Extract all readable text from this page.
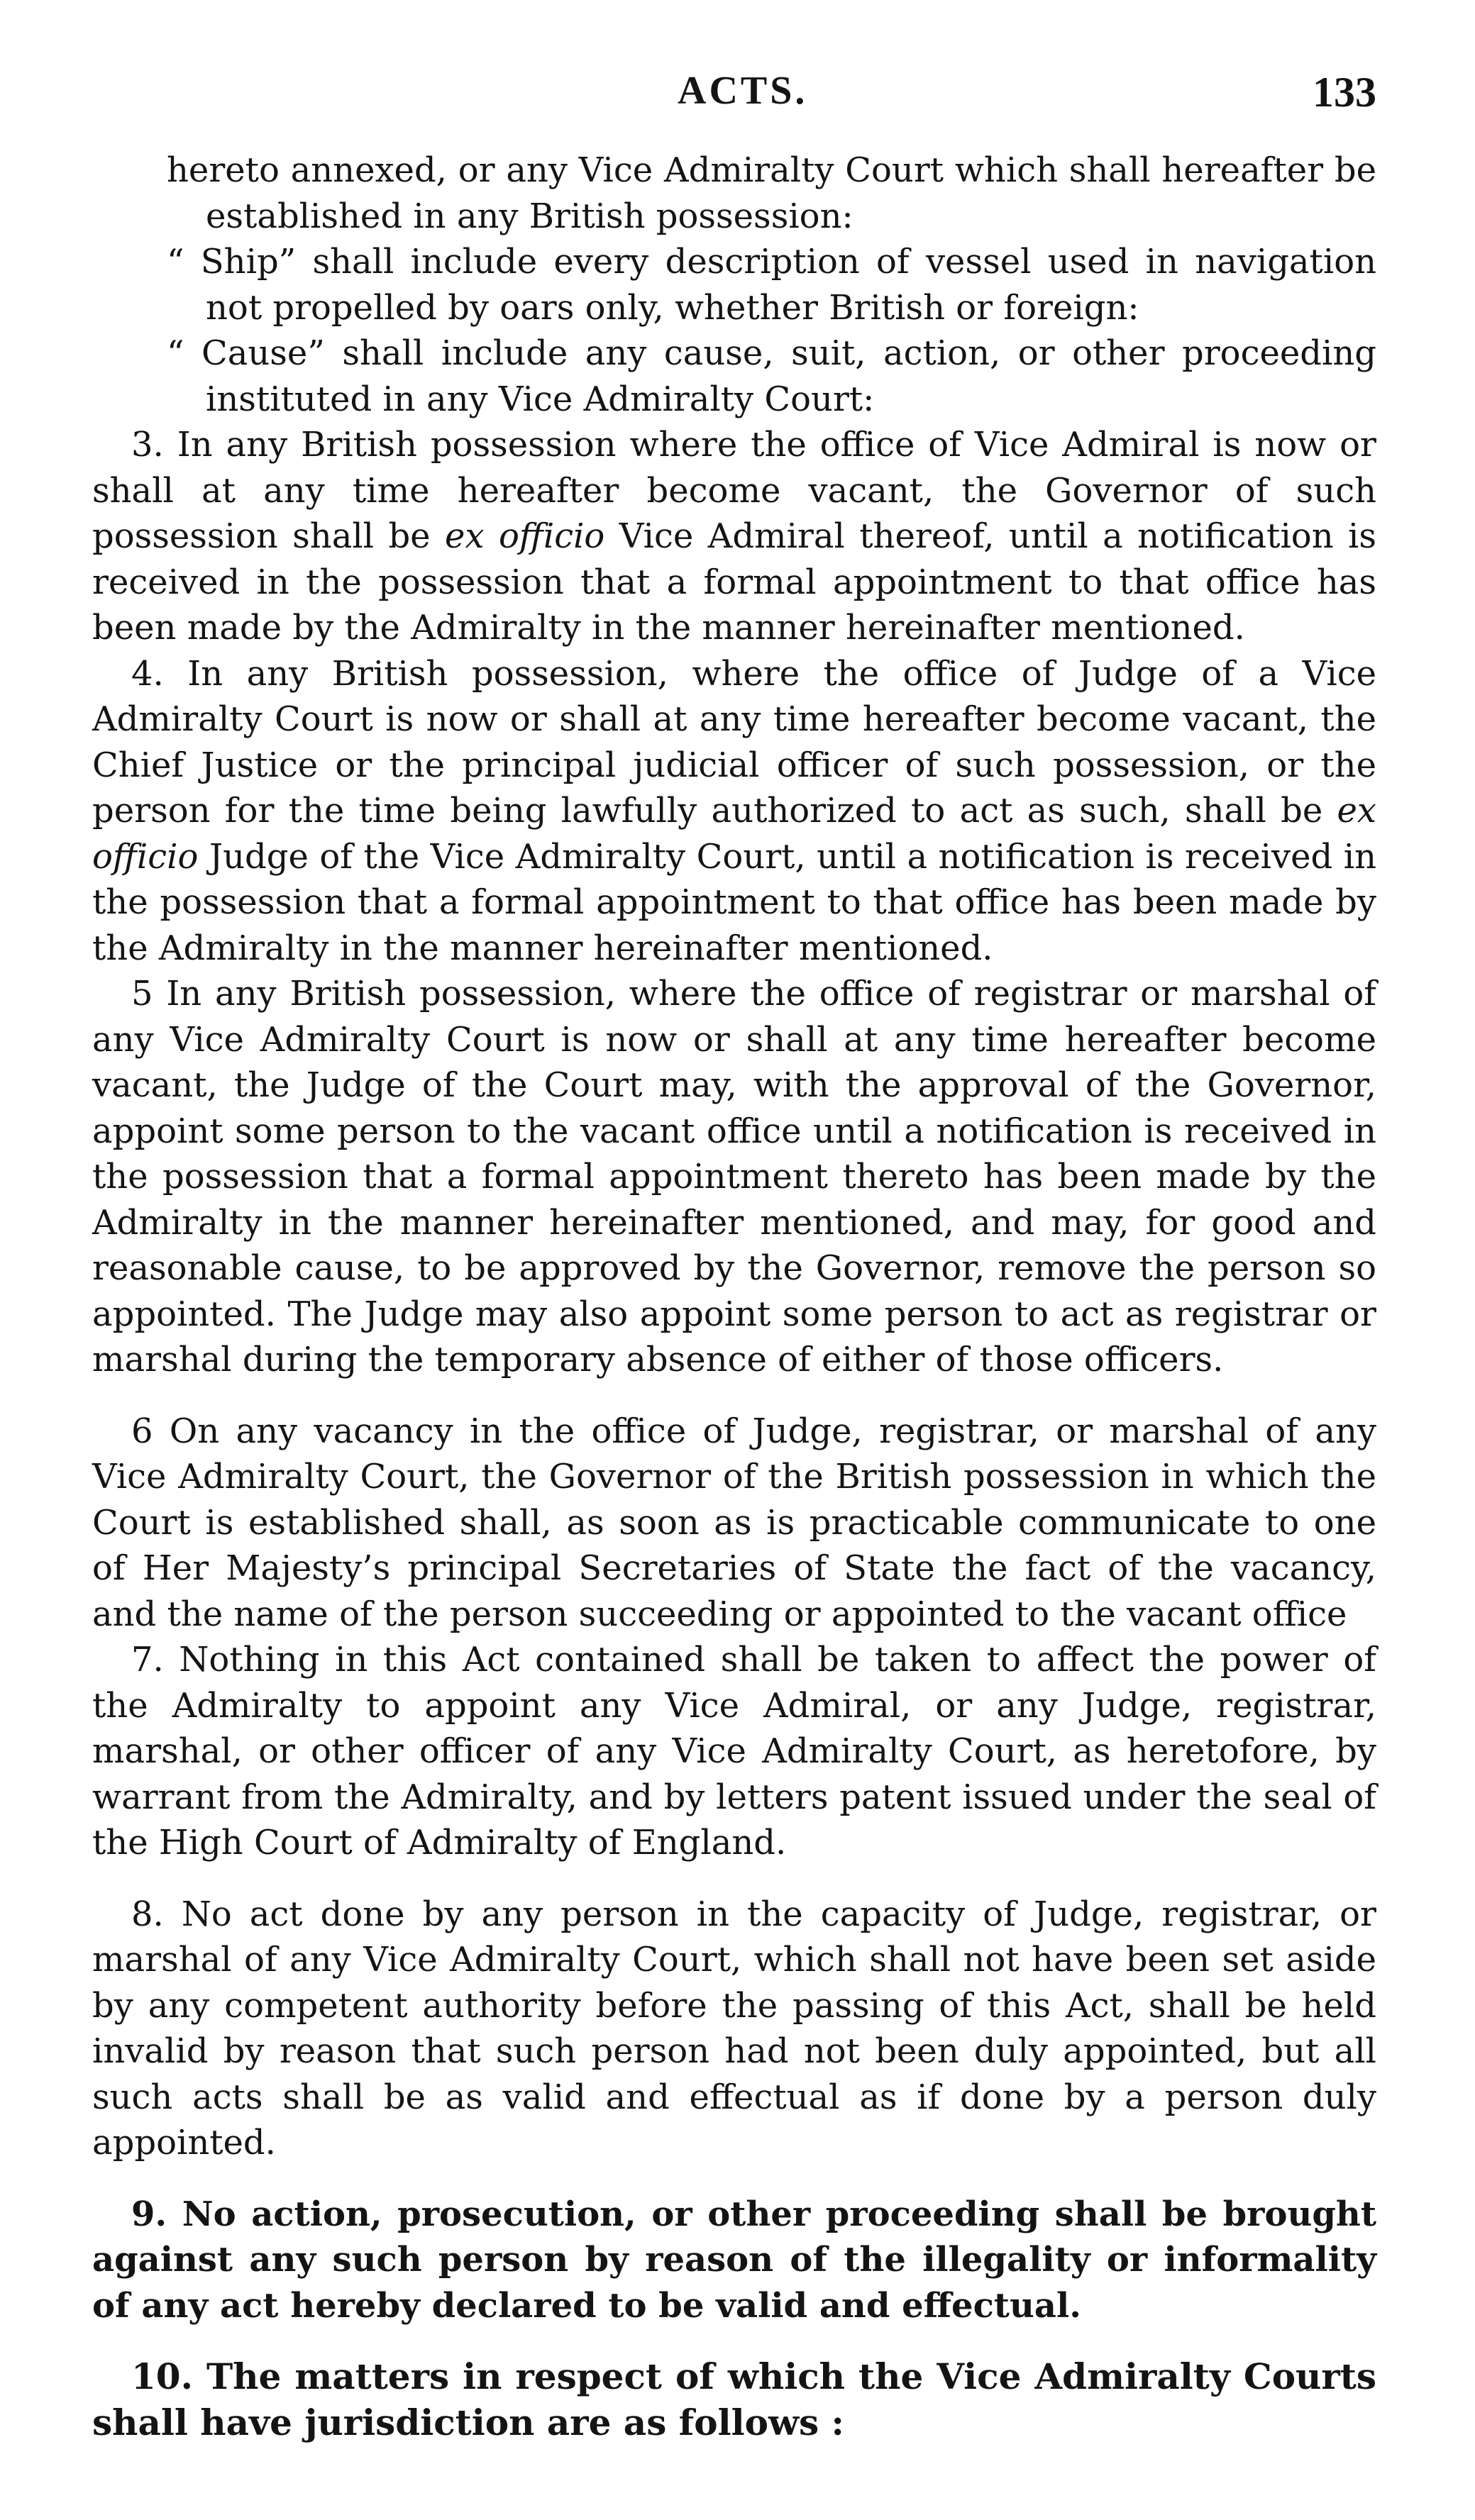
ACTS.	133

hereto annexed, or any Vice Admiralty Court which shall hereafter be established in any British possession:

“ Ship” shall include every description of vessel used in navigation not propelled by oars only, whether British or foreign:

“ Cause” shall include any cause, suit, action, or other proceeding instituted in any Vice Admiralty Court:

3. In any British possession where the office of Vice Admiral is now or shall at any time hereafter become vacant, the Governor of such possession shall be ex officio Vice Admiral thereof, until a notification is received in the possession that a formal appointment to that office has been made by the Admiralty in the manner hereinafter mentioned.

4. In any British possession, where the office of Judge of a Vice Admiralty Court is now or shall at any time hereafter become vacant, the Chief Justice or the principal judicial officer of such possession, or the person for the time being lawfully authorized to act as such, shall be ex officio Judge of the Vice Admiralty Court, until a notification is received in the possession that a formal appointment to that office has been made by the Admiralty in the manner hereinafter mentioned.

5 In any British possession, where the office of registrar or marshal of any Vice Admiralty Court is now or shall at any time hereafter become vacant, the Judge of the Court may, with the approval of the Governor, appoint some person to the vacant office until a notification is received in the possession that a formal appointment thereto has been made by the Admiralty in the manner hereinafter mentioned, and may, for good and reasonable cause, to be approved by the Governor, remove the person so appointed. The Judge may also appoint some person to act as registrar or marshal during the temporary absence of either of those officers.

6 On any vacancy in the office of Judge, registrar, or marshal of any Vice Admiralty Court, the Governor of the British possession in which the Court is established shall, as soon as is practicable communicate to one of Her Majesty’s principal Secretaries of State the fact of the vacancy, and the name of the person succeeding or appointed to the vacant office

7. Nothing in this Act contained shall be taken to affect the power of the Admiralty to appoint any Vice Admiral, or any Judge, registrar, marshal, or other officer of any Vice Admiralty Court, as heretofore, by warrant from the Admiralty, and by letters patent issued under the seal of the High Court of Admiralty of England.

8. No act done by any person in the capacity of Judge, registrar, or marshal of any Vice Admiralty Court, which shall not have been set aside by any competent authority before the passing of this Act, shall be held invalid by reason that such person had not been duly appointed, but all such acts shall be as valid and effectual as if done by a person duly appointed.

9. No action, prosecution, or other proceeding shall be brought against any such person by reason of the illegality or informality of any act hereby declared to be valid and effectual.

10. The matters in respect of which the Vice Admiralty Courts shall have jurisdiction are as follows :
